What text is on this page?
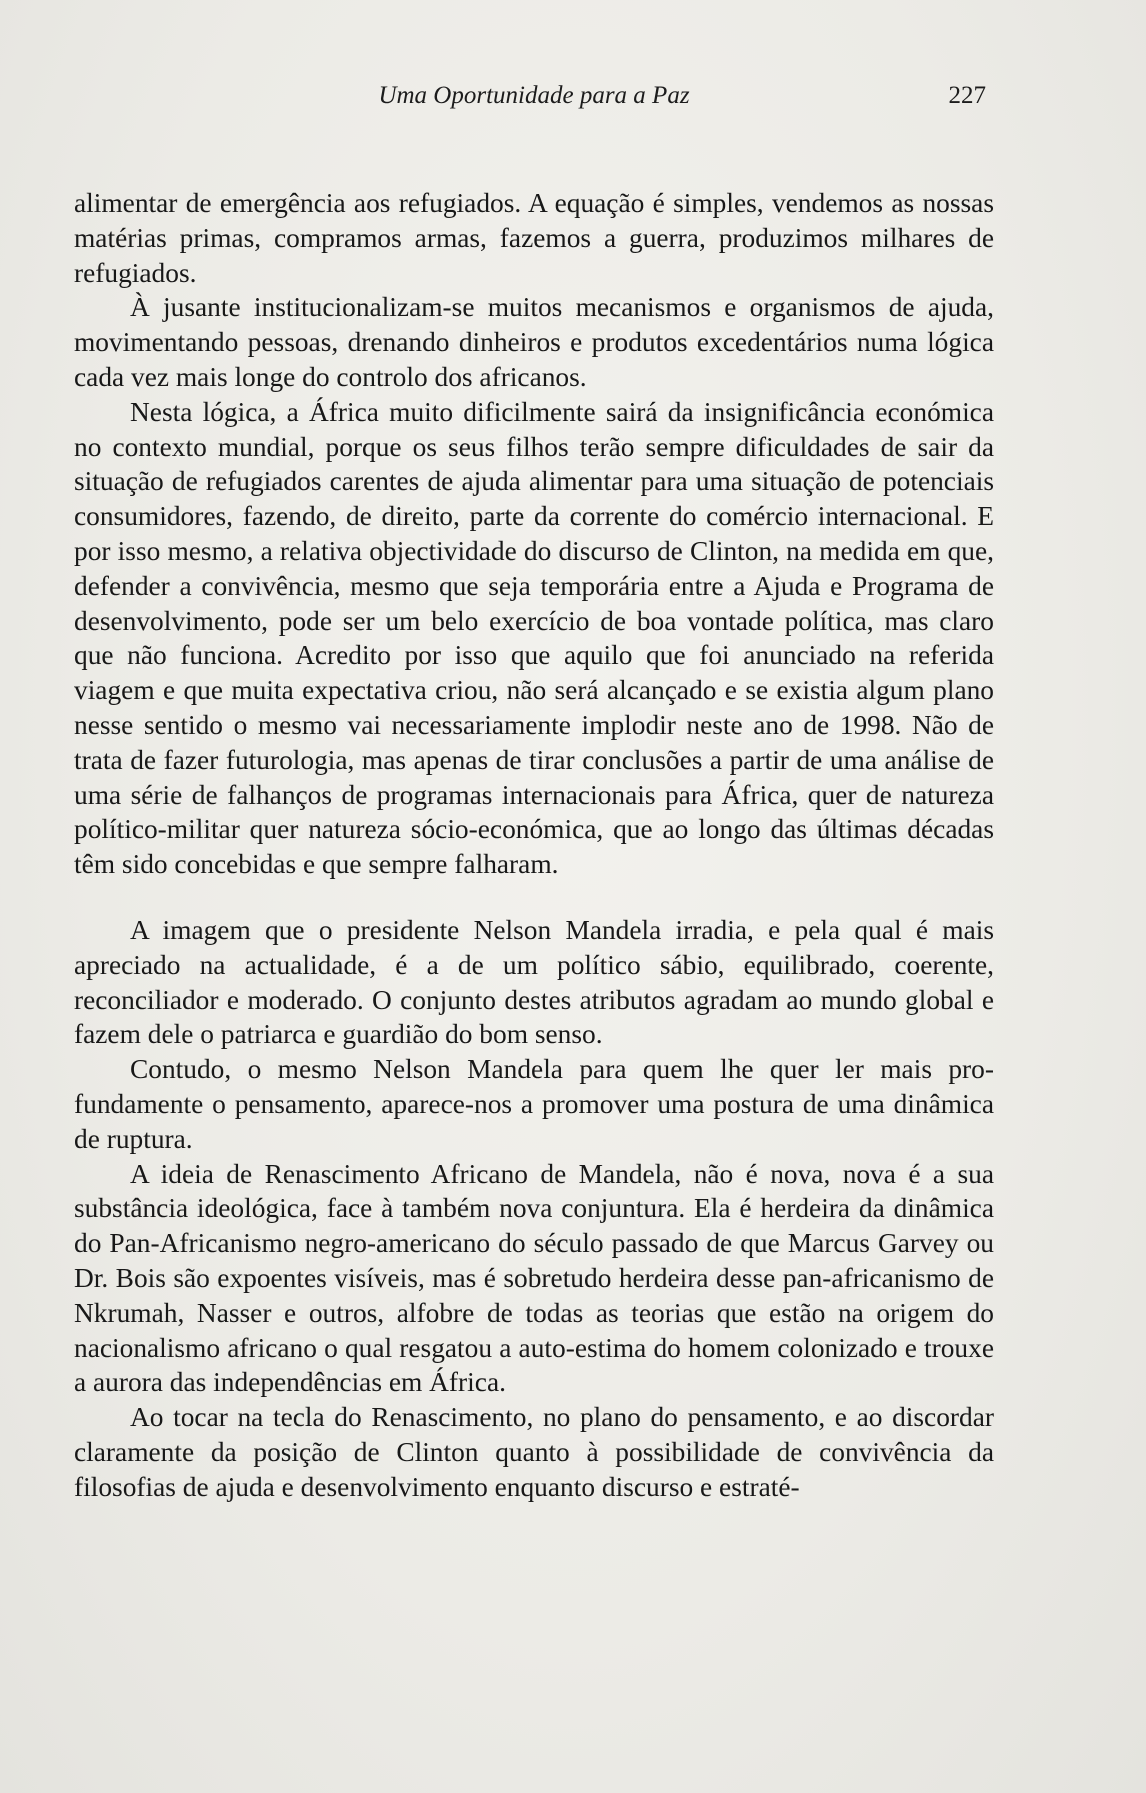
Uma Oportunidade para a Paz	227

alimentar de emergência aos refugiados. A equação é simples, vendemos as nossas matérias primas, compramos armas, fazemos a guerra, produzimos milhares de refugiados.

À jusante institucionalizam-se muitos mecanismos e organismos de ajuda, movimentando pessoas, drenando dinheiros e produtos excedentários numa lógica cada vez mais longe do controlo dos africanos.

Nesta lógica, a África muito dificilmente sairá da insignificância económica no contexto mundial, porque os seus filhos terão sempre dificuldades de sair da situação de refugiados carentes de ajuda alimentar para uma situação de potenciais consumidores, fazendo, de direito, parte da corrente do comércio internacional. E por isso mesmo, a relativa objectividade do discurso de Clinton, na medida em que, defender a convivência, mesmo que seja temporária entre a Ajuda e Programa de desenvolvimento, pode ser um belo exercício de boa vontade política, mas claro que não funciona. Acredito por isso que aquilo que foi anunciado na referida viagem e que muita expectativa criou, não será alcançado e se existia algum plano nesse sentido o mesmo vai necessariamente implodir neste ano de 1998. Não de trata de fazer futurologia, mas apenas de tirar conclusões a partir de uma análise de uma série de falhanços de programas internacionais para África, quer de natureza político-militar quer natureza sócio-económica, que ao longo das últimas décadas têm sido concebidas e que sempre falharam.

A imagem que o presidente Nelson Mandela irradia, e pela qual é mais apreciado na actualidade, é a de um político sábio, equilibrado, coerente, reconciliador e moderado. O conjunto destes atributos agradam ao mundo global e fazem dele o patriarca e guardião do bom senso.

Contudo, o mesmo Nelson Mandela para quem lhe quer ler mais profundamente o pensamento, aparece-nos a promover uma postura de uma dinâmica de ruptura.

A ideia de Renascimento Africano de Mandela, não é nova, nova é a sua substância ideológica, face à também nova conjuntura. Ela é herdeira da dinâmica do Pan-Africanismo negro-americano do século passado de que Marcus Garvey ou Dr. Bois são expoentes visíveis, mas é sobretudo herdeira desse pan-africanismo de Nkrumah, Nasser e outros, alfobre de todas as teorias que estão na origem do nacionalismo africano o qual resgatou a auto-estima do homem colonizado e trouxe a aurora das independências em África.

Ao tocar na tecla do Renascimento, no plano do pensamento, e ao discordar claramente da posição de Clinton quanto à possibilidade de convivência da filosofias de ajuda e desenvolvimento enquanto discurso e estraté-
